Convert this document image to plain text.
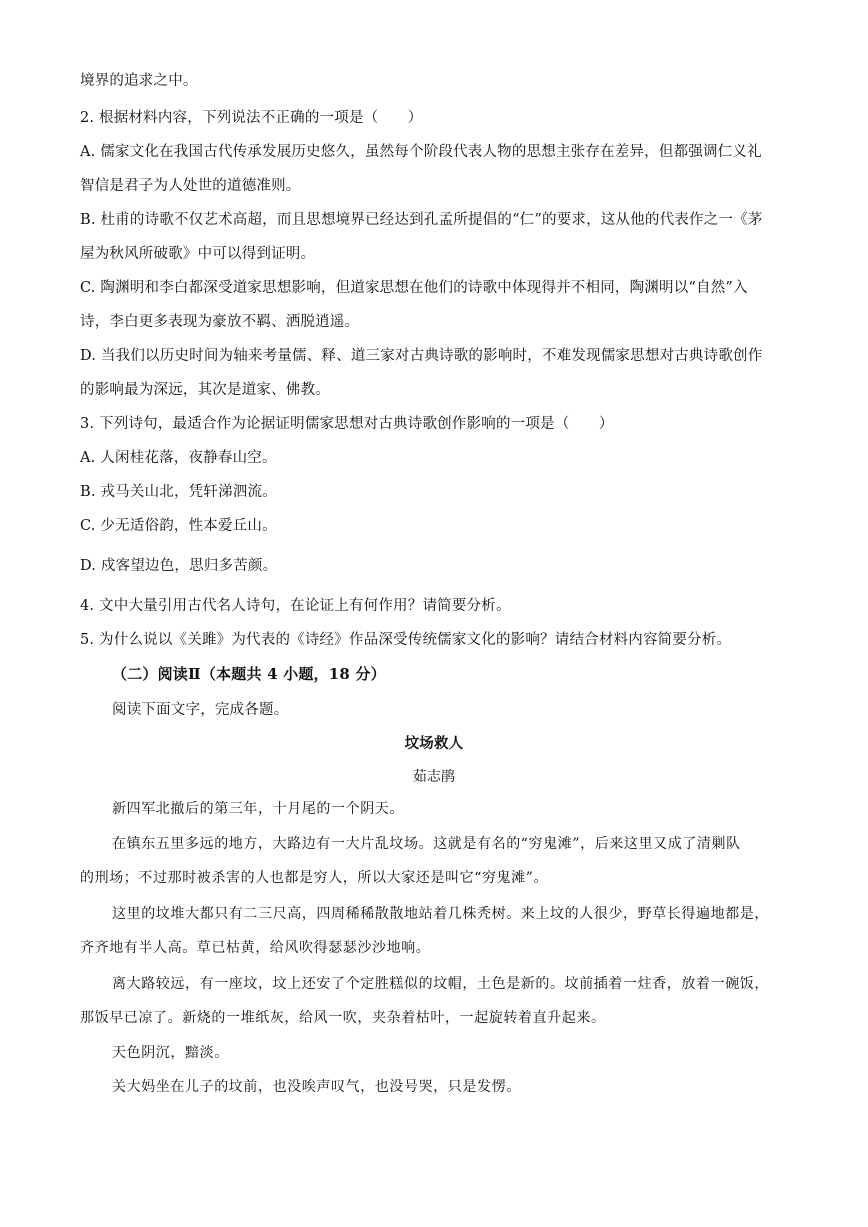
境界的追求之中。
2. 根据材料内容，下列说法不正确的一项是（　　）
A. 儒家文化在我国古代传承发展历史悠久，虽然每个阶段代表人物的思想主张存在差异，但都强调仁义礼
智信是君子为人处世的道德准则。
B. 杜甫的诗歌不仅艺术高超，而且思想境界已经达到孔孟所提倡的“仁”的要求，这从他的代表作之一《茅
屋为秋风所破歌》中可以得到证明。
C. 陶渊明和李白都深受道家思想影响，但道家思想在他们的诗歌中体现得并不相同，陶渊明以“自然”入
诗，李白更多表现为豪放不羁、洒脱逍遥。
D. 当我们以历史时间为轴来考量儒、释、道三家对古典诗歌的影响时，不难发现儒家思想对古典诗歌创作
的影响最为深远，其次是道家、佛教。
3. 下列诗句，最适合作为论据证明儒家思想对古典诗歌创作影响的一项是（　　）
A. 人闲桂花落，夜静春山空。
B. 戎马关山北，凭轩涕泗流。
C. 少无适俗韵，性本爱丘山。
D. 戍客望边色，思归多苦颜。
4. 文中大量引用古代名人诗句，在论证上有何作用？请简要分析。
5. 为什么说以《关雎》为代表的《诗经》作品深受传统儒家文化的影响？请结合材料内容简要分析。
（二）阅读Ⅱ（本题共 4 小题，18 分）
阅读下面文字，完成各题。
坟场救人
茹志鹃
新四军北撤后的第三年，十月尾的一个阴天。
在镇东五里多远的地方，大路边有一大片乱坟场。这就是有名的“穷鬼滩”，后来这里又成了清剿队
的刑场；不过那时被杀害的人也都是穷人，所以大家还是叫它“穷鬼滩”。
这里的坟堆大都只有二三尺高，四周稀稀散散地站着几株秃树。来上坟的人很少，野草长得遍地都是，
齐齐地有半人高。草已枯黄，给风吹得瑟瑟沙沙地响。
离大路较远，有一座坟，坟上还安了个定胜糕似的坟帽，土色是新的。坟前插着一炷香，放着一碗饭，
那饭早已凉了。新烧的一堆纸灰，给风一吹，夹杂着枯叶，一起旋转着直升起来。
天色阴沉，黯淡。
关大妈坐在儿子的坟前，也没唉声叹气，也没号哭，只是发愣。
